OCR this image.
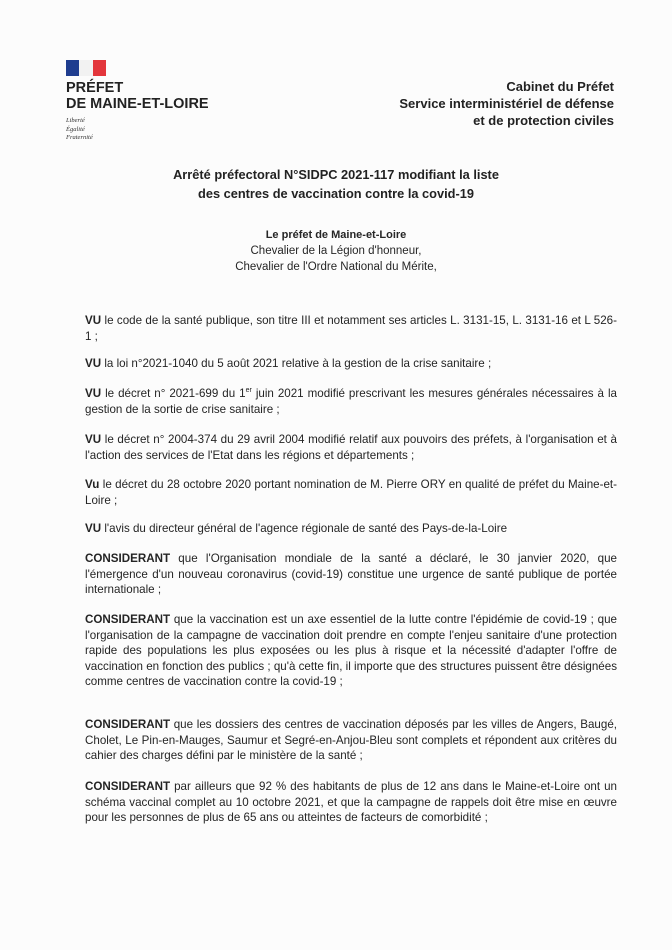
PRÉFET
DE MAINE-ET-LOIRE
Liberté
Égalité
Fraternité
Cabinet du Préfet
Service interministériel de défense
et de protection civiles
Arrêté préfectoral N°SIDPC 2021-117 modifiant la liste
des centres de vaccination contre la covid-19
Le préfet de Maine-et-Loire
Chevalier de la Légion d'honneur,
Chevalier de l'Ordre National du Mérite,

VU le code de la santé publique, son titre III et notamment ses articles L. 3131-15, L. 3131-16 et L 526-1 ;

VU la loi n°2021-1040 du 5 août 2021 relative à la gestion de la crise sanitaire ;

VU le décret n° 2021-699 du 1er juin 2021 modifié prescrivant les mesures générales nécessaires à la gestion de la sortie de crise sanitaire ;

VU le décret n° 2004-374 du 29 avril 2004 modifié relatif aux pouvoirs des préfets, à l'organisation et à l'action des services de l'Etat dans les régions et départements ;

Vu le décret du 28 octobre 2020 portant nomination de M. Pierre ORY en qualité de préfet du Maine-et-Loire ;

VU l'avis du directeur général de l'agence régionale de santé des Pays-de-la-Loire

CONSIDERANT que l'Organisation mondiale de la santé a déclaré, le 30 janvier 2020, que l'émergence d'un nouveau coronavirus (covid-19) constitue une urgence de santé publique de portée internationale ;

CONSIDERANT que la vaccination est un axe essentiel de la lutte contre l'épidémie de covid-19 ; que l'organisation de la campagne de vaccination doit prendre en compte l'enjeu sanitaire d'une protection rapide des populations les plus exposées ou les plus à risque et la nécessité d'adapter l'offre de vaccination en fonction des publics ; qu'à cette fin, il importe que des structures puissent être désignées comme centres de vaccination contre la covid-19 ;

CONSIDERANT que les dossiers des centres de vaccination déposés par les villes de Angers, Baugé, Cholet, Le Pin-en-Mauges, Saumur et Segré-en-Anjou-Bleu sont complets et répondent aux critères du cahier des charges défini par le ministère de la santé ;

CONSIDERANT par ailleurs que 92 % des habitants de plus de 12 ans dans le Maine-et-Loire ont un schéma vaccinal complet au 10 octobre 2021, et que la campagne de rappels doit être mise en œuvre pour les personnes de plus de 65 ans ou atteintes de facteurs de comorbidité ;
